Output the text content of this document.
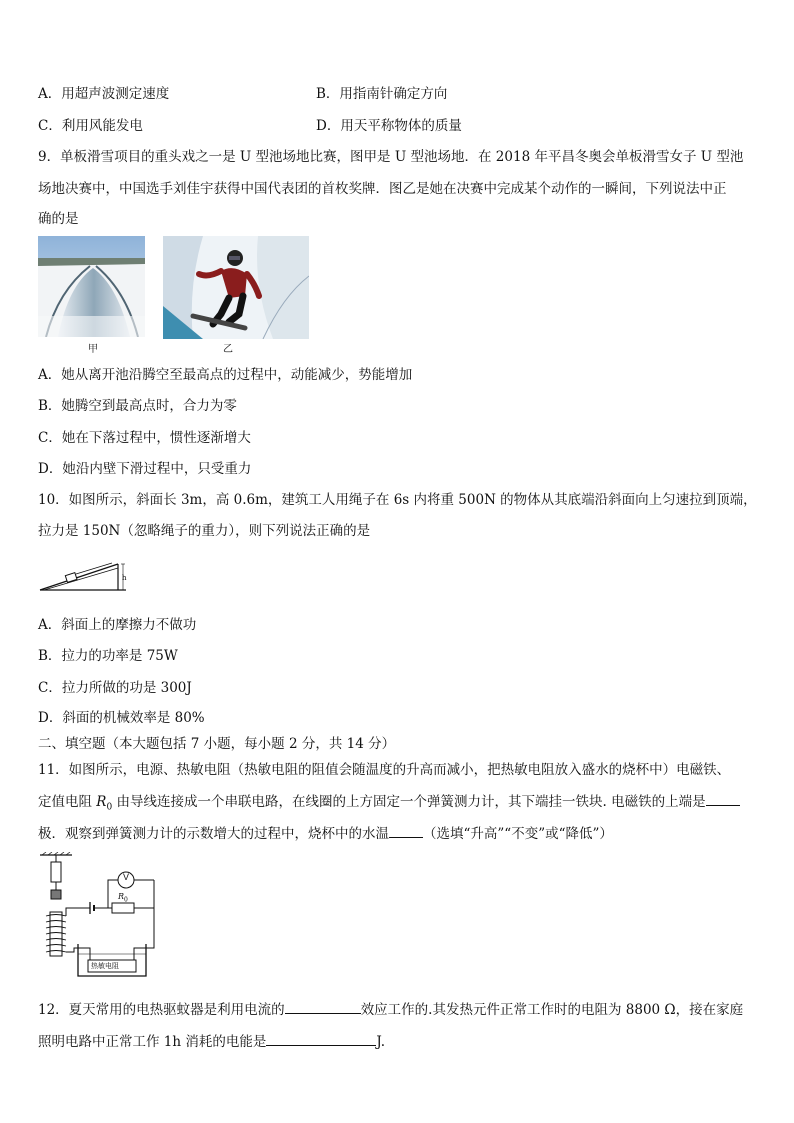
A．用超声波测定速度	B．用指南针确定方向
C．利用风能发电	D．用天平称物体的质量
9．单板滑雪项目的重头戏之一是 U 型池场地比赛，图甲是 U 型池场地．在 2018 年平昌冬奥会单板滑雪女子 U 型池
场地决赛中，中国选手刘佳宇获得中国代表团的首枚奖牌．图乙是她在决赛中完成某个动作的一瞬间，下列说法中正
确的是
甲	乙
A．她从离开池沿腾空至最高点的过程中，动能减少，势能增加
B．她腾空到最高点时，合力为零
C．她在下落过程中，惯性逐渐增大
D．她沿内壁下滑过程中，只受重力
10．如图所示，斜面长 3m，高 0.6m，建筑工人用绳子在 6s 内将重 500N 的物体从其底端沿斜面向上匀速拉到顶端，
拉力是 150N（忽略绳子的重力），则下列说法正确的是
h
A．斜面上的摩擦力不做功
B．拉力的功率是 75W
C．拉力所做的功是 300J
D．斜面的机械效率是 80%
二、填空题（本大题包括 7 小题，每小题 2 分，共 14 分）
11．如图所示，电源、热敏电阻（热敏电阻的阻值会随温度的升高而减小，把热敏电阻放入盛水的烧杯中）电磁铁、
定值电阻 $R_0$ 由导线连接成一个串联电路，在线圈的上方固定一个弹簧测力计，其下端挂一铁块. 电磁铁的上端是
极．观察到弹簧测力计的示数增大的过程中，烧杯中的水温	（选填“升高”“不变”或“降低”）
V
$R_0$
热敏电阻
12．夏天常用的电热驱蚊器是利用电流的	效应工作的.其发热元件正常工作时的电阻为 8800 Ω，接在家庭
照明电路中正常工作 1h 消耗的电能是	J.
